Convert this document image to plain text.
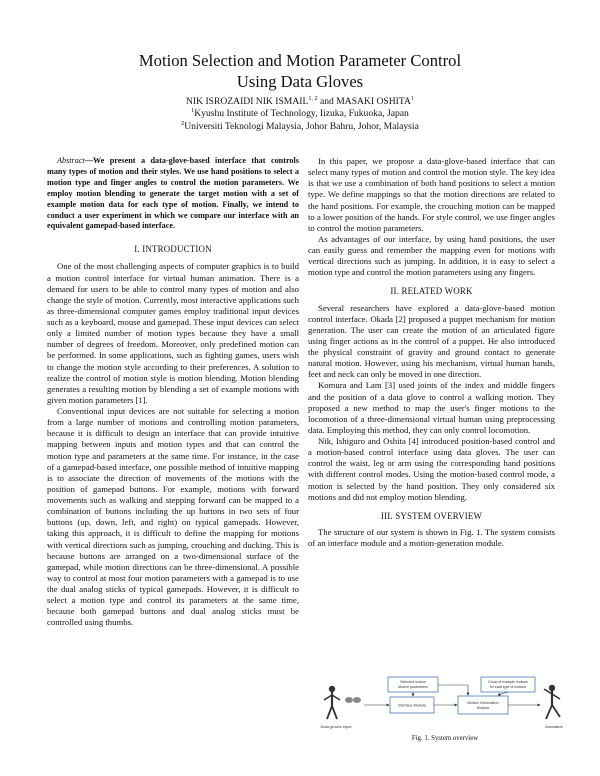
Motion Selection and Motion Parameter Control
Using Data Gloves
NIK ISROZAIDI NIK ISMAIL$^{1, 2}$ and MASAKI OSHITA$^1$
$^1$Kyushu Institute of Technology, Iizuka, Fukuoka, Japan
$^2$Universiti Teknologi Malaysia, Johor Bahru, Johor, Malaysia

Abstract—We present a data-glove-based interface that controls many types of motion and their styles. We use hand positions to select a motion type and finger angles to control the motion parameters. We employ motion blending to generate the target motion with a set of example motion data for each type of motion. Finally, we intend to conduct a user experiment in which we compare our interface with an equivalent gamepad-based interface.

I. INTRODUCTION

One of the most challenging aspects of computer graphics is to build a motion control interface for virtual human animation. There is a demand for users to be able to control many types of motion and also change the style of motion. Currently, most interactive applications such as three-dimensional computer games employ traditional input devices such as a keyboard, mouse and gamepad. These input devices can select only a limited number of motion types because they have a small number of degrees of freedom. Moreover, only predefined motion can be performed. In some applications, such as fighting games, users wish to change the motion style according to their preferences. A solution to realize the control of motion style is motion blending. Motion blending generates a resulting motion by blending a set of example motions with given motion parameters [1].

Conventional input devices are not suitable for selecting a motion from a large number of motions and controlling motion parameters, because it is difficult to design an interface that can provide intuitive mapping between inputs and motion types and that can control the motion type and parameters at the same time. For instance, in the case of a gamepad-based interface, one possible method of intuitive mapping is to associate the direction of movements of the motions with the position of gamepad buttons. For example, motions with forward movements such as walking and stepping forward can be mapped to a combination of buttons including the up buttons in two sets of four buttons (up, down, left, and right) on typical gamepads. However, taking this approach, it is difficult to define the mapping for motions with vertical directions such as jumping, crouching and ducking. This is because buttons are arranged on a two-dimensional surface of the gamepad, while motion directions can be three-dimensional. A possible way to control at most four motion parameters with a gamepad is to use the dual analog sticks of typical gamepads. However, it is difficult to select a motion type and control its parameters at the same time, because both gamepad buttons and dual analog sticks must be controlled using thumbs.

In this paper, we propose a data-glove-based interface that can select many types of motion and control the motion style. The key idea is that we use a combination of both hand positions to select a motion type. We define mappings so that the motion directions are related to the hand positions. For example, the crouching motion can be mapped to a lower position of the hands. For style control, we use finger angles to control the motion parameters.

As advantages of our interface, by using hand positions, the user can easily guess and remember the mapping even for motions with vertical directions such as jumping. In addition, it is easy to select a motion type and control the motion parameters using any fingers.

II. RELATED WORK

Several researchers have explored a data-glove-based motion control interface. Okada [2] proposed a puppet mechanism for motion generation. The user can create the motion of an articulated figure using finger actions as in the control of a puppet. He also introduced the physical constraint of gravity and ground contact to generate natural motion. However, using his mechanism, virtual human hands, feet and neck can only be moved in one direction.

Komura and Lam [3] used joints of the index and middle fingers and the position of a data glove to control a walking motion. They proposed a new method to map the user's finger motions to the locomotion of a three-dimensional virtual human using preprocessing data. Employing this method, they can only control locomotion.

Nik, Ishiguro and Oshita [4] introduced position-based control and a motion-based control interface using data gloves. The user can control the waist, leg or arm using the corresponding hand positions with different control modes. Using the motion-based control mode, a motion is selected by the hand position. They only considered six motions and did not employ motion blending.

III. SYSTEM OVERVIEW

The structure of our system is shown in Fig. 1. The system consists of an interface module and a motion-generation module.

Selected motion
Motion parameters
Group of example motions
for each type of motions
Interface Module
Motion Generation
Module
Data gloves input	Animation
Fig. 1. System overview
